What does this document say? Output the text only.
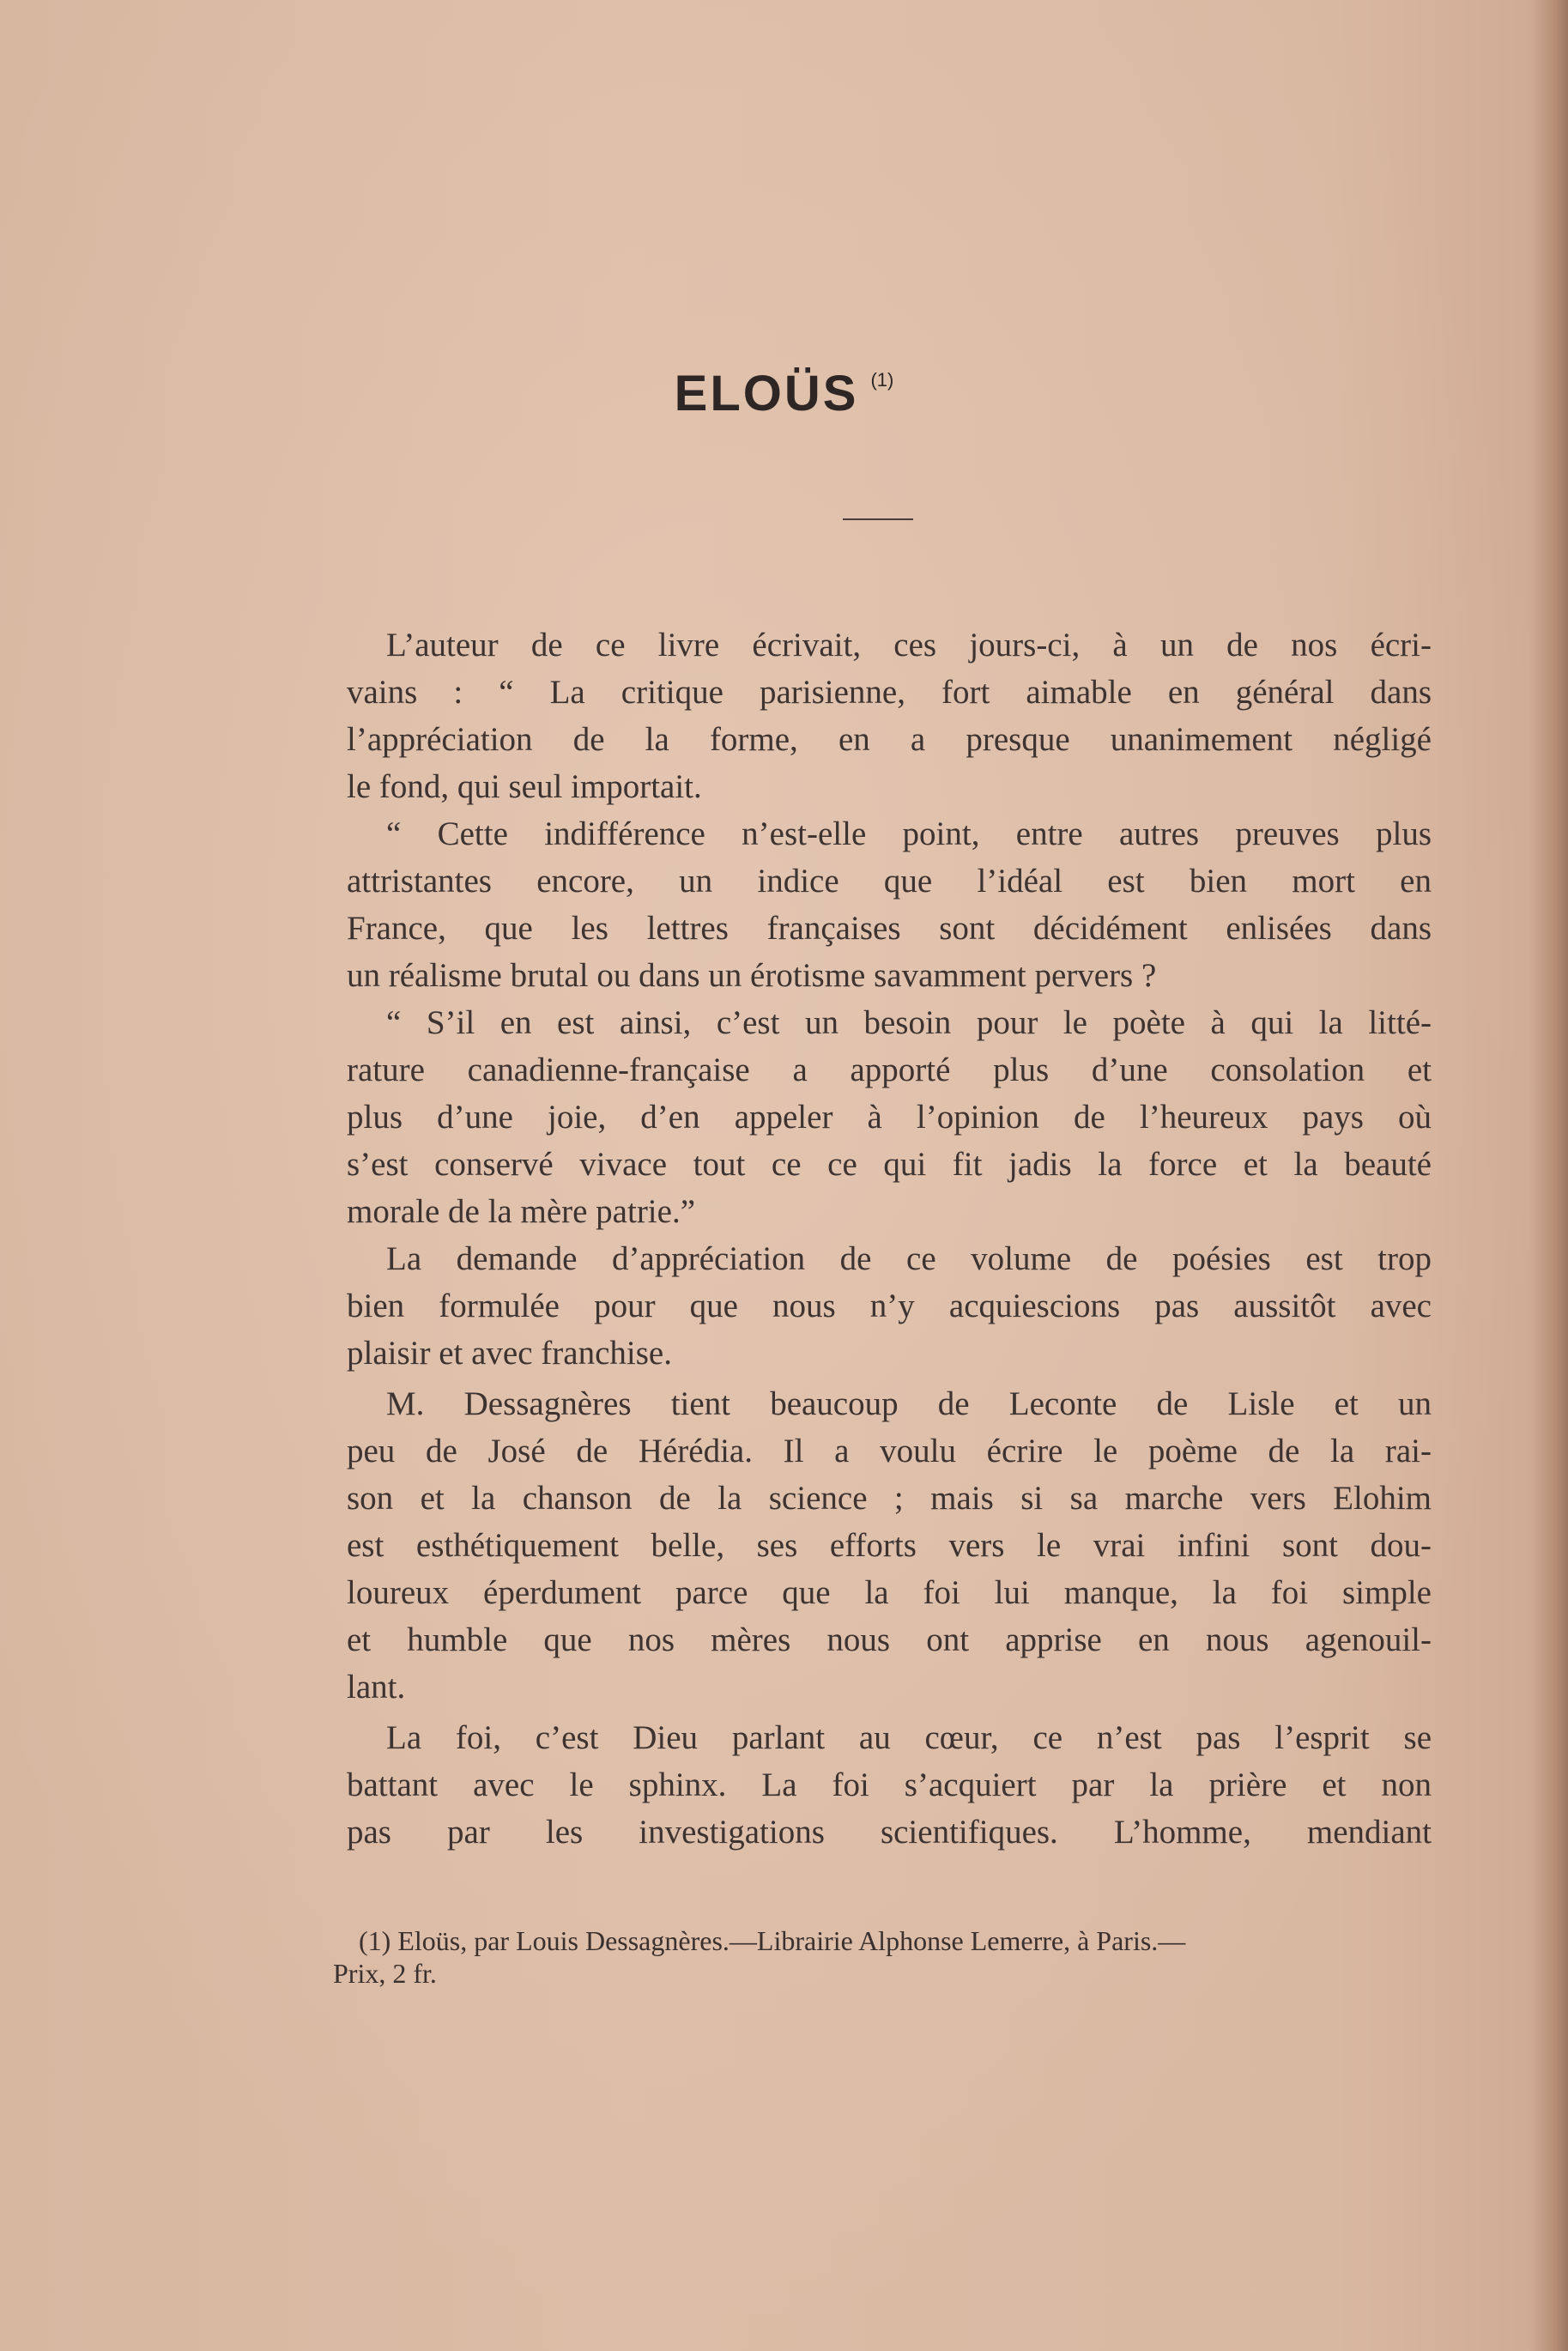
ELOÜS $^{(1)}$
L’auteur de ce livre écrivait, ces jours-ci, à un de nos écri-
vains : “ La critique parisienne, fort aimable en général dans
l’appréciation de la forme, en a presque unanimement négligé
le fond, qui seul importait.
“ Cette indifférence n’est-elle point, entre autres preuves plus
attristantes encore, un indice que l’idéal est bien mort en
France, que les lettres françaises sont décidément enlisées dans
un réalisme brutal ou dans un érotisme savamment pervers ?
“ S’il en est ainsi, c’est un besoin pour le poète à qui la litté-
rature canadienne-française a apporté plus d’une consolation et
plus d’une joie, d’en appeler à l’opinion de l’heureux pays où
s’est conservé vivace tout ce ce qui fit jadis la force et la beauté
morale de la mère patrie.”
La demande d’appréciation de ce volume de poésies est trop
bien formulée pour que nous n’y acquiescions pas aussitôt avec
plaisir et avec franchise.
M. Dessagnères tient beaucoup de Leconte de Lisle et un
peu de José de Hérédia. Il a voulu écrire le poème de la rai-
son et la chanson de la science ; mais si sa marche vers Elohim
est esthétiquement belle, ses efforts vers le vrai infini sont dou-
loureux éperdument parce que la foi lui manque, la foi simple
et humble que nos mères nous ont apprise en nous agenouil-
lant.
La foi, c’est Dieu parlant au cœur, ce n’est pas l’esprit se
battant avec le sphinx. La foi s’acquiert par la prière et non
pas par les investigations scientifiques. L’homme, mendiant
(1) Eloüs, par Louis Dessagnères.—Librairie Alphonse Lemerre, à Paris.—
Prix, 2 fr.
